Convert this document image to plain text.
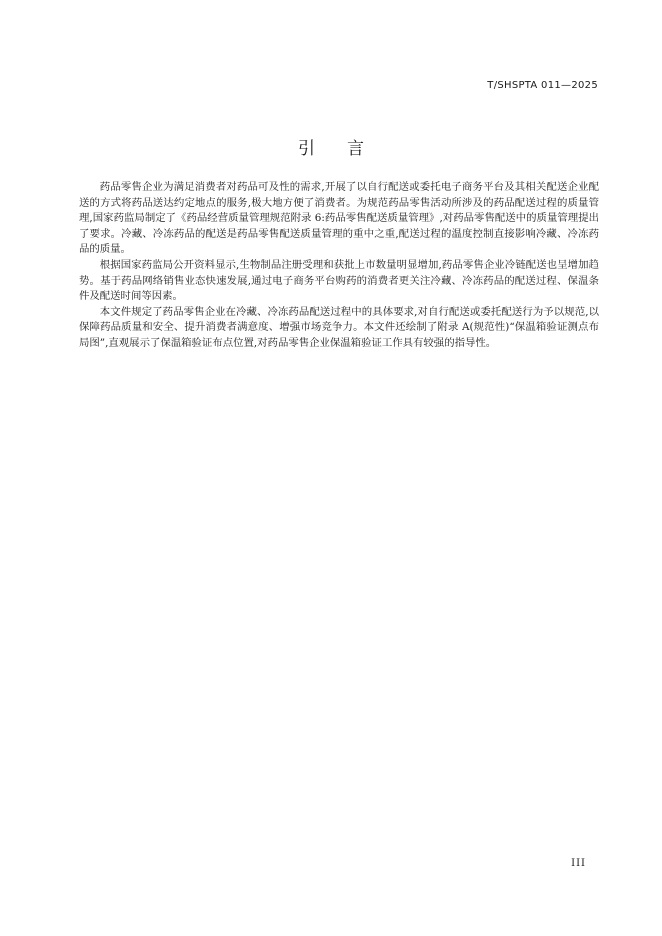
T/SHSPTA 011—2025
引言

药品零售企业为满足消费者对药品可及性的需求,开展了以自行配送或委托电子商务平台及其相关配送企业配送的方式将药品送达约定地点的服务,极大地方便了消费者。为规范药品零售活动所涉及的药品配送过程的质量管理,国家药监局制定了《药品经营质量管理规范附录 6:药品零售配送质量管理》,对药品零售配送中的质量管理提出了要求。冷藏、冷冻药品的配送是药品零售配送质量管理的重中之重,配送过程的温度控制直接影响冷藏、冷冻药品的质量。

根据国家药监局公开资料显示,生物制品注册受理和获批上市数量明显增加,药品零售企业冷链配送也呈增加趋势。基于药品网络销售业态快速发展,通过电子商务平台购药的消费者更关注冷藏、冷冻药品的配送过程、保温条件及配送时间等因素。

本文件规定了药品零售企业在冷藏、冷冻药品配送过程中的具体要求,对自行配送或委托配送行为予以规范,以保障药品质量和安全、提升消费者满意度、增强市场竞争力。本文件还绘制了附录 A(规范性)“保温箱验证测点布局图”,直观展示了保温箱验证布点位置,对药品零售企业保温箱验证工作具有较强的指导性。

III
